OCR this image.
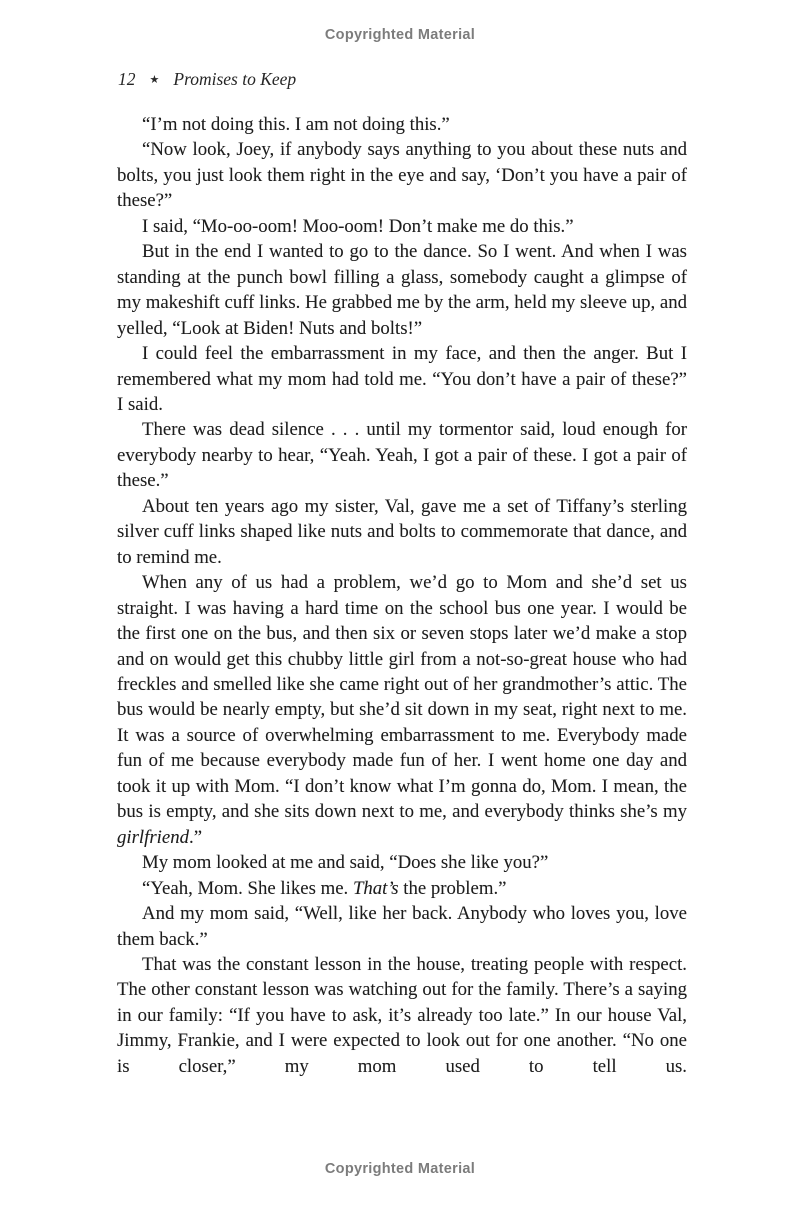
Copyrighted Material
12 ★ Promises to Keep

“I’m not doing this. I am not doing this.”

“Now look, Joey, if anybody says anything to you about these nuts and bolts, you just look them right in the eye and say, ‘Don’t you have a pair of these?”

I said, “Mo-oo-oom! Moo-oom! Don’t make me do this.”

But in the end I wanted to go to the dance. So I went. And when I was standing at the punch bowl filling a glass, somebody caught a glimpse of my makeshift cuff links. He grabbed me by the arm, held my sleeve up, and yelled, “Look at Biden! Nuts and bolts!”

I could feel the embarrassment in my face, and then the anger. But I remembered what my mom had told me. “You don’t have a pair of these?” I said.

There was dead silence . . . until my tormentor said, loud enough for everybody nearby to hear, “Yeah. Yeah, I got a pair of these. I got a pair of these.”

About ten years ago my sister, Val, gave me a set of Tiffany’s sterling silver cuff links shaped like nuts and bolts to commemorate that dance, and to remind me.

When any of us had a problem, we’d go to Mom and she’d set us straight. I was having a hard time on the school bus one year. I would be the first one on the bus, and then six or seven stops later we’d make a stop and on would get this chubby little girl from a not-so-great house who had freckles and smelled like she came right out of her grandmother’s attic. The bus would be nearly empty, but she’d sit down in my seat, right next to me. It was a source of overwhelming embarrassment to me. Everybody made fun of me because everybody made fun of her. I went home one day and took it up with Mom. “I don’t know what I’m gonna do, Mom. I mean, the bus is empty, and she sits down next to me, and everybody thinks she’s my girlfriend.”

My mom looked at me and said, “Does she like you?”

“Yeah, Mom. She likes me. That’s the problem.”

And my mom said, “Well, like her back. Anybody who loves you, love them back.”

That was the constant lesson in the house, treating people with respect. The other constant lesson was watching out for the family. There’s a saying in our family: “If you have to ask, it’s already too late.” In our house Val, Jimmy, Frankie, and I were expected to look out for one another. “No one is closer,” my mom used to tell us.

Copyrighted Material
